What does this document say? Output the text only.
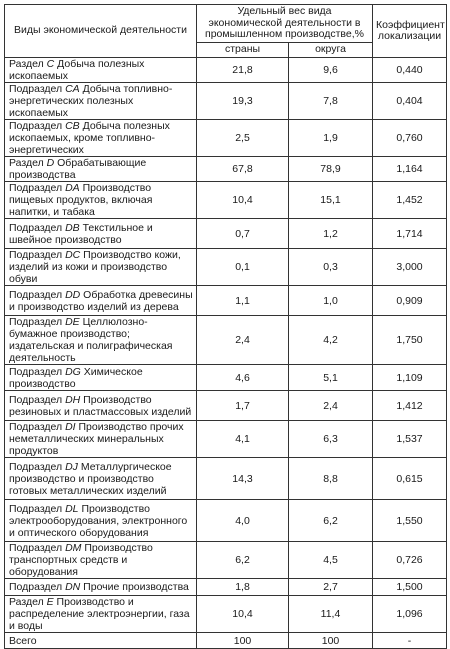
Виды экономической деятельности	Удельный вес вида экономической деятельности в промышленном производстве,%		Коэффициент локализации
	страны	округа	
Раздел C Добыча полезных ископаемых	21,8	9,6	0,440
Подраздел CA Добыча топливно-энергетических полезных ископаемых	19,3	7,8	0,404
Подраздел CB Добыча полезных ископаемых, кроме топливно-энергетических	2,5	1,9	0,760
Раздел D Обрабатывающие производства	67,8	78,9	1,164
Подраздел DA Производство пищевых продуктов, включая напитки, и табака	10,4	15,1	1,452
Подраздел DB Текстильное и швейное производство	0,7	1,2	1,714
Подраздел DC Производство кожи, изделий из кожи и производство обуви	0,1	0,3	3,000
Подраздел DD Обработка древесины и производство изделий из дерева	1,1	1,0	0,909
Подраздел DE Целлюлозно-бумажное производство; издательская и полиграфическая деятельность	2,4	4,2	1,750
Подраздел DG Химическое производство	4,6	5,1	1,109
Подраздел DH Производство резиновых и пластмассовых изделий	1,7	2,4	1,412
Подраздел DI Производство прочих неметаллических минеральных продуктов	4,1	6,3	1,537
Подраздел DJ Металлургическое производство и производство готовых металлических изделий	14,3	8,8	0,615
Подраздел DL Производство электрооборудования, электронного и оптического оборудования	4,0	6,2	1,550
Подраздел DM Производство транспортных средств и оборудования	6,2	4,5	0,726
Подраздел DN Прочие производства	1,8	2,7	1,500
Раздел E Производство и распределение электроэнергии, газа и воды	10,4	11,4	1,096
Всего	100	100	-
